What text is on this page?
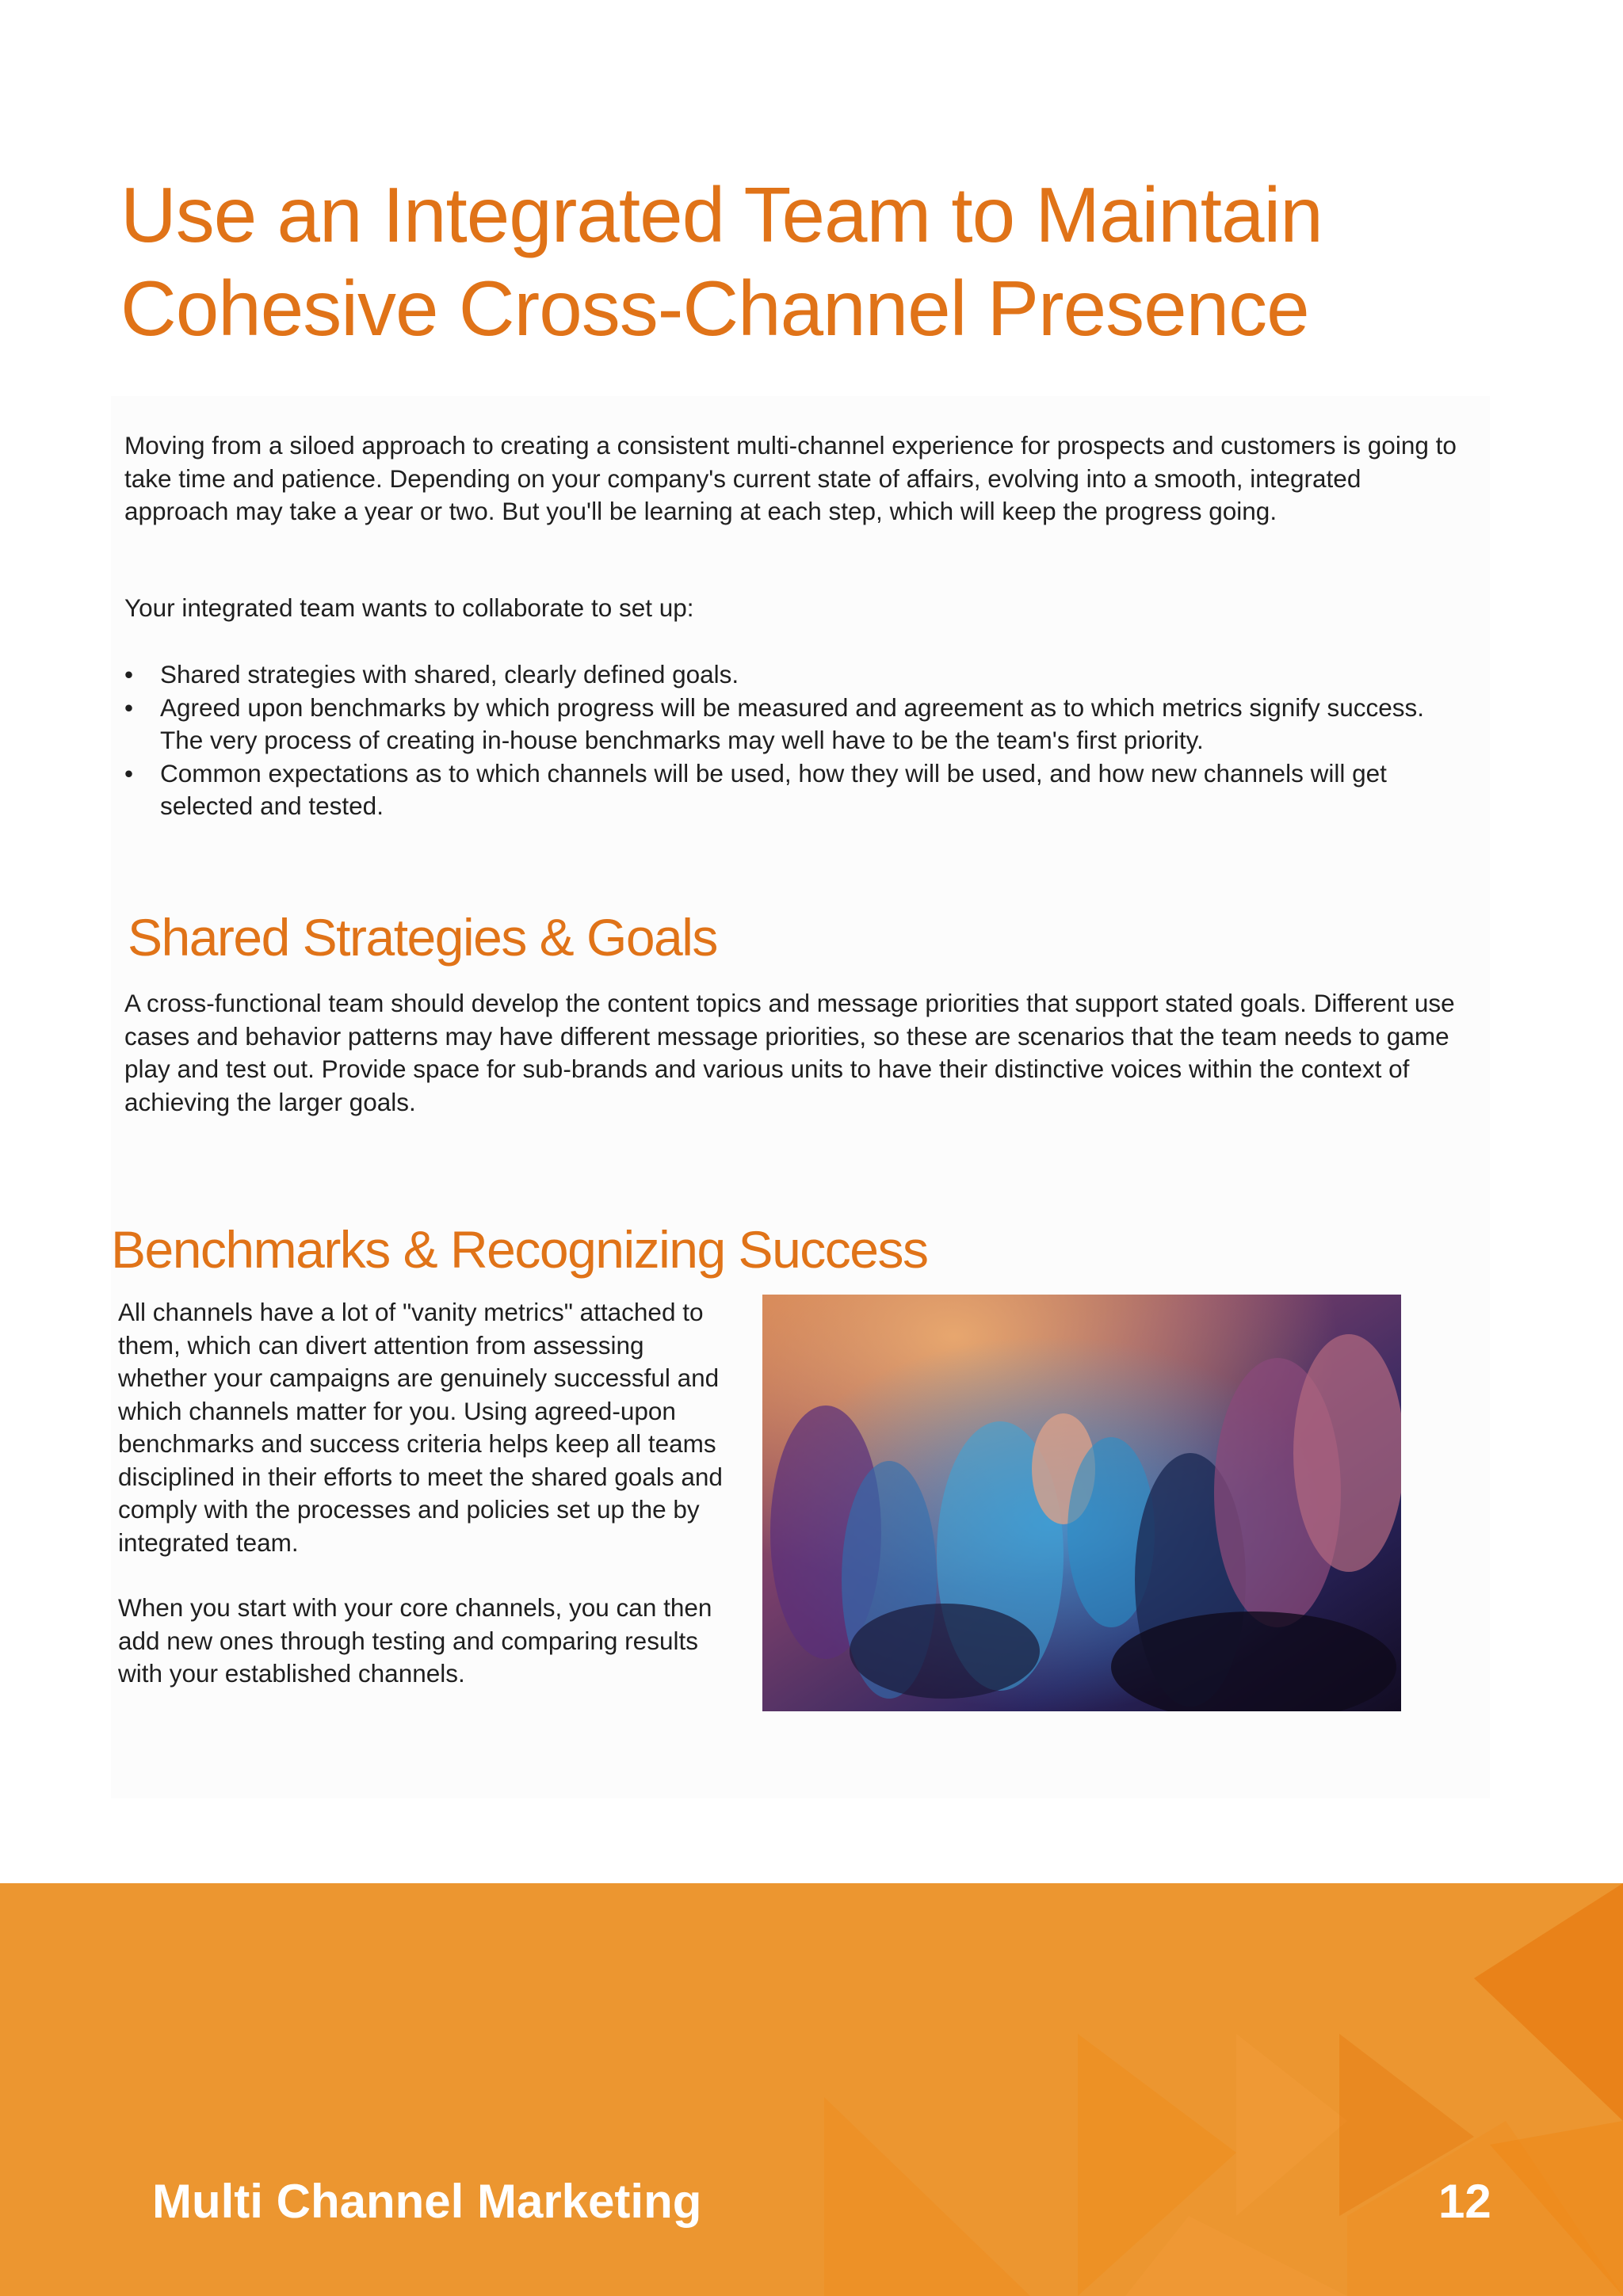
Use an Integrated Team to Maintain
Cohesive Cross-Channel Presence

Moving from a siloed approach to creating a consistent multi-channel experience for prospects and customers is going to take time and patience. Depending on your company's current state of affairs, evolving into a smooth, integrated approach may take a year or two. But you'll be learning at each step, which will keep the progress going.

Your integrated team wants to collaborate to set up:

• Shared strategies with shared, clearly defined goals.
• Agreed upon benchmarks by which progress will be measured and agreement as to which metrics signify success. The very process of creating in-house benchmarks may well have to be the team's first priority.
• Common expectations as to which channels will be used, how they will be used, and how new channels will get selected and tested.
Shared Strategies & Goals

A cross-functional team should develop the content topics and message priorities that support stated goals. Different use cases and behavior patterns may have different message priorities, so these are scenarios that the team needs to game play and test out. Provide space for sub-brands and various units to have their distinctive voices within the context of achieving the larger goals.

Benchmarks & Recognizing Success

All channels have a lot of "vanity metrics" attached to them, which can divert attention from assessing whether your campaigns are genuinely successful and which channels matter for you. Using agreed-upon benchmarks and success criteria helps keep all teams disciplined in their efforts to meet the shared goals and comply with the processes and policies set up the by integrated team.

When you start with your core channels, you can then add new ones through testing and comparing results with your established channels.

Multi Channel Marketing	12
